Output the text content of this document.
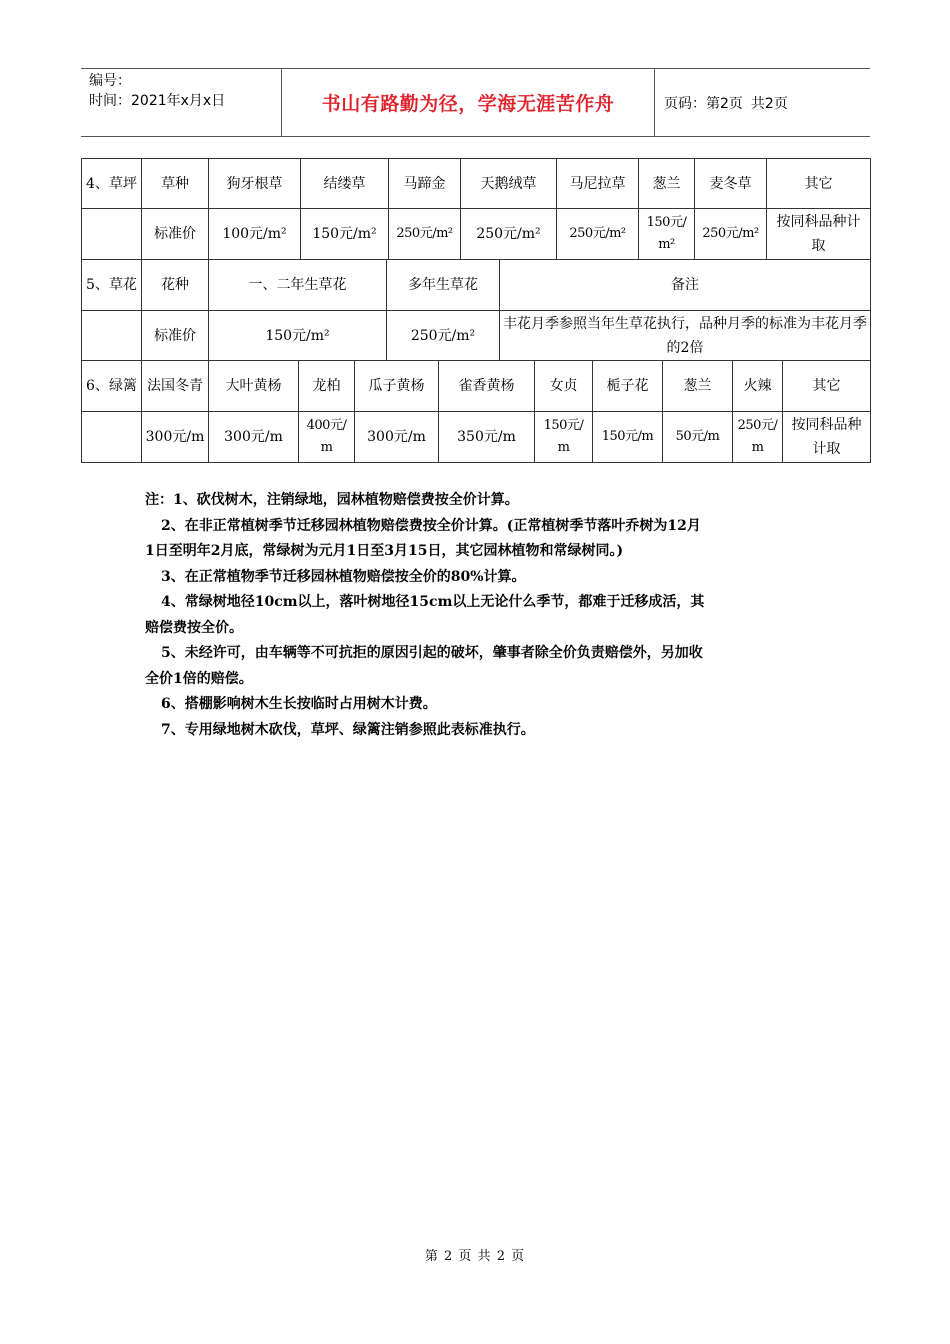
编号：
时间：2021年x月x日	书山有路勤为径，学海无涯苦作舟	页码：第2页 共2页
4、草坪	草种	狗牙根草	结缕草	马蹄金	天鹅绒草	马尼拉草	葱兰	麦冬草	其它
	标准价	100元/m²	150元/m²	250元/m²	250元/m²	250元/m²	150元/m²	250元/m²	按同科品种计取
5、草花	花种	一、二年生草花	多年生草花	备注
	标准价	150元/m²	250元/m²	丰花月季参照当年生草花执行，品种月季的标准为丰花月季的2倍
6、绿篱	法国冬青	大叶黄杨	龙柏	瓜子黄杨	雀香黄杨	女贞	栀子花	葱兰	火辣	其它
	300元/m	300元/m	400元/m	300元/m	350元/m	150元/m	150元/m	50元/m	250元/m	按同科品种计取

注：1、砍伐树木，注销绿地，园林植物赔偿费按全价计算。

2、在非正常植树季节迁移园林植物赔偿费按全价计算。(正常植树季节落叶乔树为12月

1日至明年2月底，常绿树为元月1日至3月15日，其它园林植物和常绿树同。)

3、在正常植物季节迁移园林植物赔偿按全价的80%计算。

4、常绿树地径10cm以上，落叶树地径15cm以上无论什么季节，都难于迁移成活，其

赔偿费按全价。

5、未经许可，由车辆等不可抗拒的原因引起的破坏，肇事者除全价负责赔偿外，另加收

全价1倍的赔偿。

6、搭棚影响树木生长按临时占用树木计费。

7、专用绿地树木砍伐，草坪、绿篱注销参照此表标准执行。

第 2 页 共 2 页
